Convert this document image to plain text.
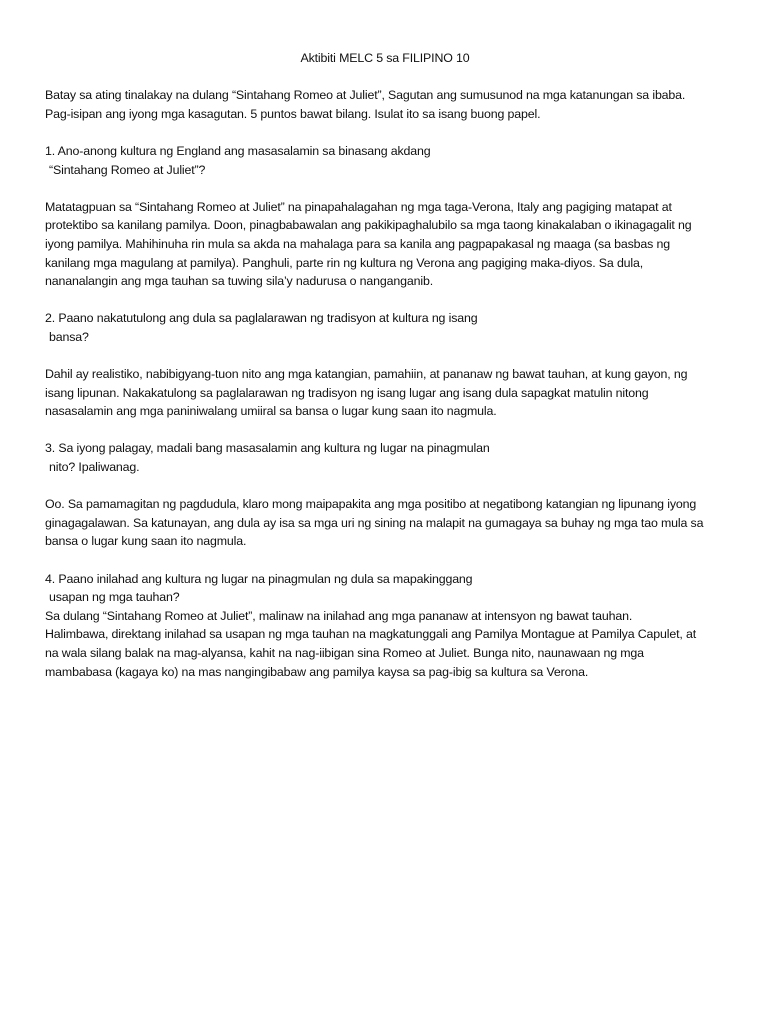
Aktibiti MELC 5 sa FILIPINO 10

Batay sa ating tinalakay na dulang “Sintahang Romeo at Juliet”, Sagutan ang sumusunod na mga katanungan sa ibaba.

Pag-isipan ang iyong mga kasagutan. 5 puntos bawat bilang. Isulat ito sa isang buong papel.

1. Ano-anong kultura ng England ang masasalamin sa binasang akdang

“Sintahang Romeo at Juliet”?

Matatagpuan sa “Sintahang Romeo at Juliet” na pinapahalagahan ng mga taga-Verona, Italy ang pagiging matapat at

protektibo sa kanilang pamilya. Doon, pinagbabawalan ang pakikipaghalubilo sa mga taong kinakalaban o ikinagagalit ng

iyong pamilya. Mahihinuha rin mula sa akda na mahalaga para sa kanila ang pagpapakasal ng maaga (sa basbas ng

kanilang mga magulang at pamilya). Panghuli, parte rin ng kultura ng Verona ang pagiging maka-diyos. Sa dula,

nananalangin ang mga tauhan sa tuwing sila’y nadurusa o nanganganib.

2. Paano nakatutulong ang dula sa paglalarawan ng tradisyon at kultura ng isang

bansa?

Dahil ay realistiko, nabibigyang-tuon nito ang mga katangian, pamahiin, at pananaw ng bawat tauhan, at kung gayon, ng

isang lipunan. Nakakatulong sa paglalarawan ng tradisyon ng isang lugar ang isang dula sapagkat matulin nitong

nasasalamin ang mga paniniwalang umiiral sa bansa o lugar kung saan ito nagmula.

3. Sa iyong palagay, madali bang masasalamin ang kultura ng lugar na pinagmulan

nito? Ipaliwanag.

Oo. Sa pamamagitan ng pagdudula, klaro mong maipapakita ang mga positibo at negatibong katangian ng lipunang iyong

ginagagalawan. Sa katunayan, ang dula ay isa sa mga uri ng sining na malapit na gumagaya sa buhay ng mga tao mula sa

bansa o lugar kung saan ito nagmula.

4. Paano inilahad ang kultura ng lugar na pinagmulan ng dula sa mapakinggang

usapan ng mga tauhan?

Sa dulang “Sintahang Romeo at Juliet”, malinaw na inilahad ang mga pananaw at intensyon ng bawat tauhan.

Halimbawa, direktang inilahad sa usapan ng mga tauhan na magkatunggali ang Pamilya Montague at Pamilya Capulet, at

na wala silang balak na mag-alyansa, kahit na nag-iibigan sina Romeo at Juliet. Bunga nito, naunawaan ng mga

mambabasa (kagaya ko) na mas nangingibabaw ang pamilya kaysa sa pag-ibig sa kultura sa Verona.
